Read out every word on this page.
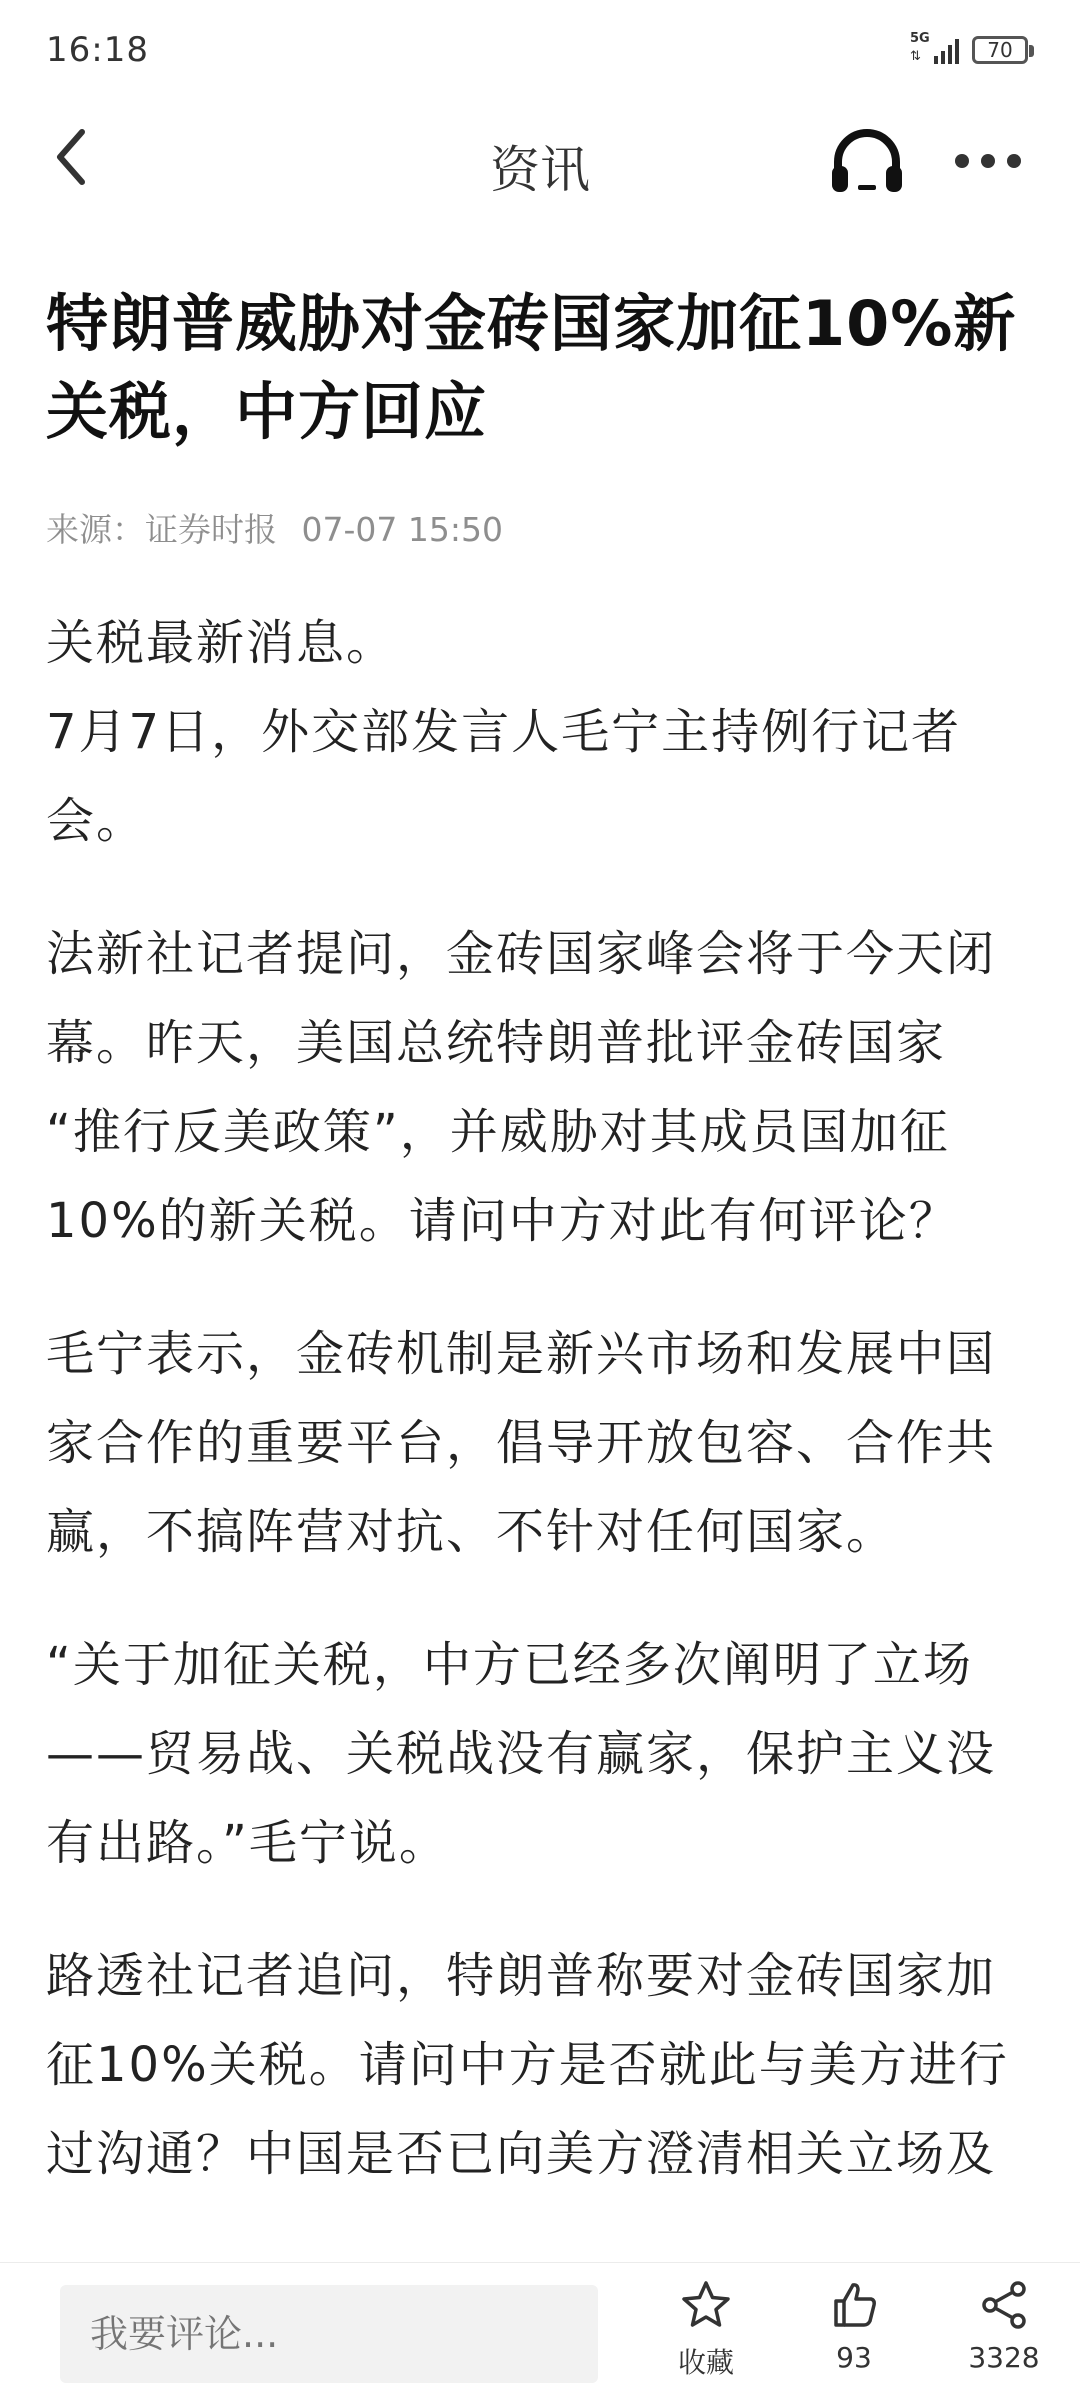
16:18	5G
⇅	70
资讯
特朗普威胁对金砖国家加征10%新
关税，中方回应
来源：证券时报 07-07 15:50

关税最新消息。
7月7日，外交部发言人毛宁主持例行记者
会。

法新社记者提问，金砖国家峰会将于今天闭
幕。昨天，美国总统特朗普批评金砖国家
“推行反美政策”，并威胁对其成员国加征
10%的新关税。请问中方对此有何评论？

毛宁表示，金砖机制是新兴市场和发展中国
家合作的重要平台，倡导开放包容、合作共
赢，不搞阵营对抗、不针对任何国家。

“关于加征关税，中方已经多次阐明了立场
——贸易战、关税战没有赢家，保护主义没
有出路。”毛宁说。

路透社记者追问，特朗普称要对金砖国家加
征10%关税。请问中方是否就此与美方进行
过沟通？中国是否已向美方澄清相关立场及

我要评论...
收藏	93	3328
